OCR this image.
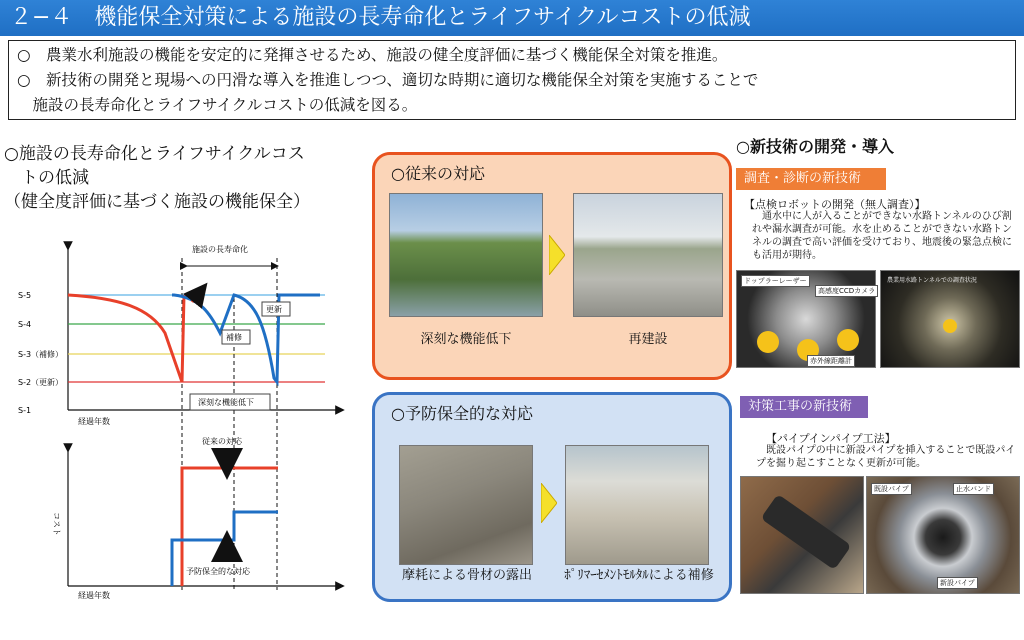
２−４　機能保全対策による施設の長寿命化とライフサイクルコストの低減

○　農業水利施設の機能を安定的に発揮させるため、施設の健全度評価に基づく機能保全対策を推進。

○　新技術の開発と現場への円滑な導入を推進しつつ、適切な時期に適切な機能保全対策を実施することで

　施設の長寿命化とライフサイクルコストの低減を図る。

○施設の長寿命化とライフサイクルコス
　トの低減
（健全度評価に基づく施設の機能保全）
S-5
S-4
S-3（補修）
S-2（更新）
S-1
施設の長寿命化
補修
更新
深刻な機能低下
経過年数
コスト
従来の対応
予防保全的な対応
経過年数
○従来の対応
深刻な機能低下	再建設
○予防保全的な対応
摩耗による骨材の露出	ﾎﾟﾘﾏｰｾﾒﾝﾄﾓﾙﾀﾙによる補修
○新技術の開発・導入
調査・診断の新技術
【点検ロボットの開発（無人調査）】
　通水中に人が入ることができない水路トンネルのひび割れや漏水調査が可能。水を止めることができない水路トンネルの調査で高い評価を受けており、地震後の緊急点検にも活用が期待。
ドップラーレーザー
高感度CCDカメラ
赤外線距離計
農業用水路トンネルでの調査状況
対策工事の新技術
【パイプインパイプ工法】
　既設パイプの中に新設パイプを挿入することで既設パイプを掘り起こすことなく更新が可能。
既設パイプ	止水バンド
新設パイプ
